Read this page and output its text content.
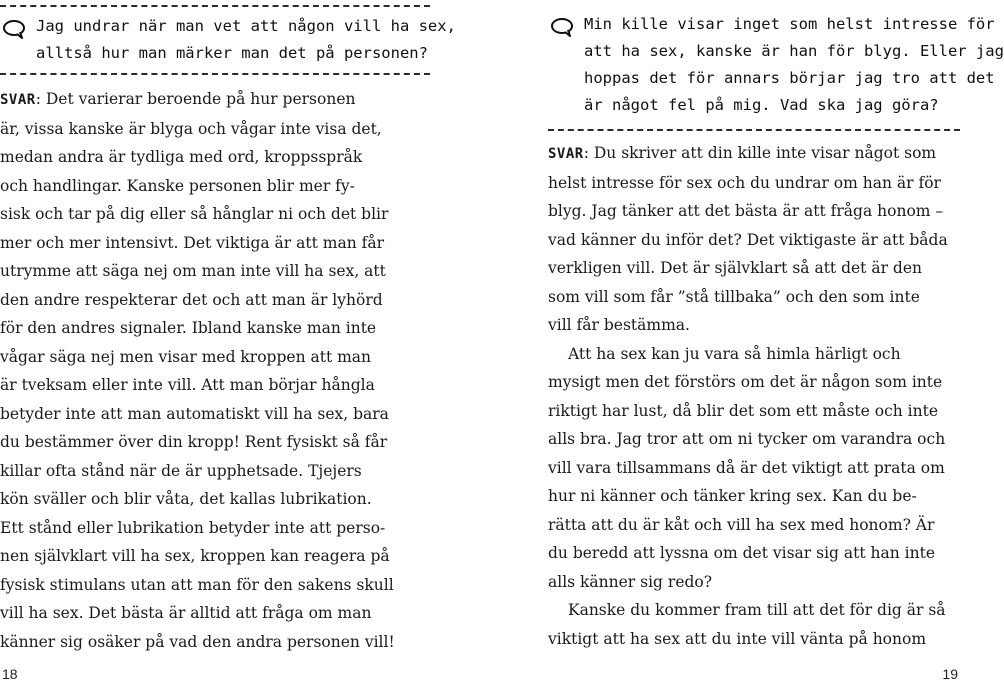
Jag undrar när man vet att någon vill ha sex,
alltså hur man märker man det på personen?
SVAR: Det varierar beroende på hur personen
är, vissa kanske är blyga och vågar inte visa det,
medan andra är tydliga med ord, kroppsspråk
och handlingar. Kanske personen blir mer fy-
sisk och tar på dig eller så hånglar ni och det blir
mer och mer intensivt. Det viktiga är att man får
utrymme att säga nej om man inte vill ha sex, att
den andre respekterar det och att man är lyhörd
för den andres signaler. Ibland kanske man inte
vågar säga nej men visar med kroppen att man
är tveksam eller inte vill. Att man börjar hångla
betyder inte att man automatiskt vill ha sex, bara
du bestämmer över din kropp! Rent fysiskt så får
killar ofta stånd när de är upphetsade. Tjejers
kön sväller och blir våta, det kallas lubrikation.
Ett stånd eller lubrikation betyder inte att perso-
nen självklart vill ha sex, kroppen kan reagera på
fysisk stimulans utan att man för den sakens skull
vill ha sex. Det bästa är alltid att fråga om man
känner sig osäker på vad den andra personen vill!
18
Min kille visar inget som helst intresse för
att ha sex, kanske är han för blyg. Eller jag
hoppas det för annars börjar jag tro att det
är något fel på mig. Vad ska jag göra?
SVAR: Du skriver att din kille inte visar något som
helst intresse för sex och du undrar om han är för
blyg. Jag tänker att det bästa är att fråga honom –
vad känner du inför det? Det viktigaste är att båda
verkligen vill. Det är självklart så att det är den
som vill som får ”stå tillbaka” och den som inte
vill får bestämma.
Att ha sex kan ju vara så himla härligt och
mysigt men det förstörs om det är någon som inte
riktigt har lust, då blir det som ett måste och inte
alls bra. Jag tror att om ni tycker om varandra och
vill vara tillsammans då är det viktigt att prata om
hur ni känner och tänker kring sex. Kan du be-
rätta att du är kåt och vill ha sex med honom? Är
du beredd att lyssna om det visar sig att han inte
alls känner sig redo?
Kanske du kommer fram till att det för dig är så
viktigt att ha sex att du inte vill vänta på honom
19
